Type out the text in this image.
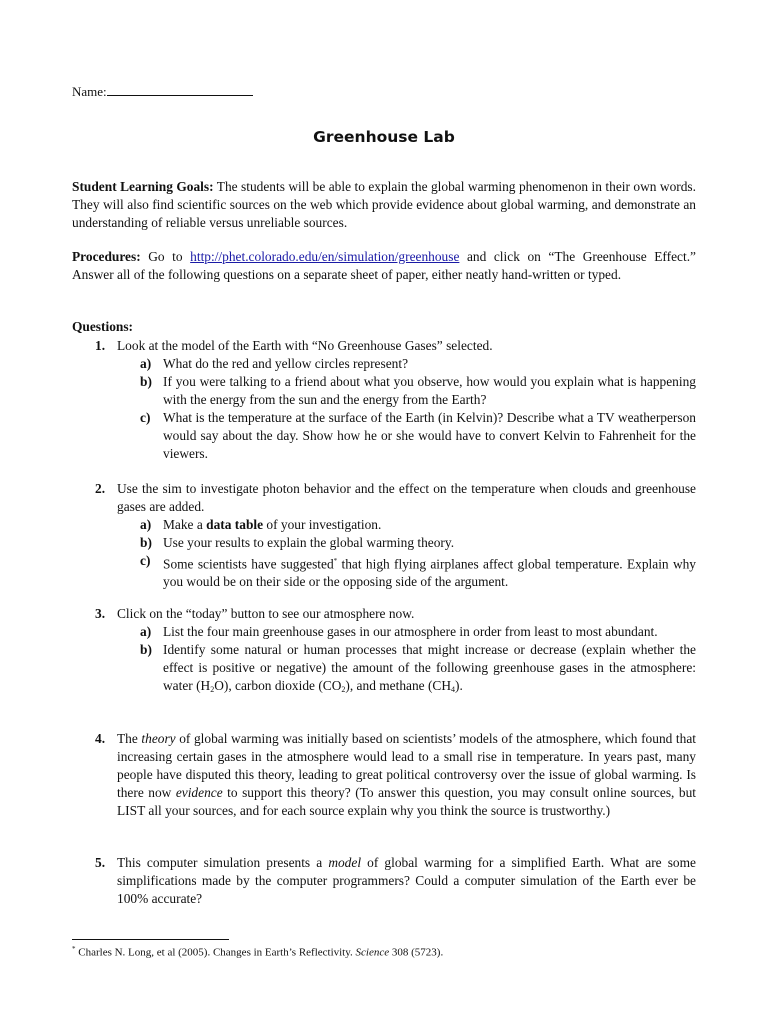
Name:
Greenhouse Lab
Student Learning Goals: The students will be able to explain the global warming phenomenon in their own words. They will also find scientific sources on the web which provide evidence about global warming, and demonstrate an understanding of reliable versus unreliable sources.
Procedures: Go to http://phet.colorado.edu/en/simulation/greenhouse and click on “The Greenhouse Effect.” Answer all of the following questions on a separate sheet of paper, either neatly hand-written or typed.
Questions:
1. Look at the model of the Earth with “No Greenhouse Gases” selected.
a) What do the red and yellow circles represent?
b) If you were talking to a friend about what you observe, how would you explain what is happening with the energy from the sun and the energy from the Earth?
c) What is the temperature at the surface of the Earth (in Kelvin)? Describe what a TV weatherperson would say about the day. Show how he or she would have to convert Kelvin to Fahrenheit for the viewers.
2. Use the sim to investigate photon behavior and the effect on the temperature when clouds and greenhouse gases are added.
a) Make a data table of your investigation.
b) Use your results to explain the global warming theory.
c) Some scientists have suggested* that high flying airplanes affect global temperature. Explain why you would be on their side or the opposing side of the argument.
3. Click on the “today” button to see our atmosphere now.
a) List the four main greenhouse gases in our atmosphere in order from least to most abundant.
b) Identify some natural or human processes that might increase or decrease (explain whether the effect is positive or negative) the amount of the following greenhouse gases in the atmosphere: water $(H_2O)$, carbon dioxide $(CO_2)$, and methane $(CH_4)$.
4. The theory of global warming was initially based on scientists’ models of the atmosphere, which found that increasing certain gases in the atmosphere would lead to a small rise in temperature. In years past, many people have disputed this theory, leading to great political controversy over the issue of global warming. Is there now evidence to support this theory? (To answer this question, you may consult online sources, but LIST all your sources, and for each source explain why you think the source is trustworthy.)
5. This computer simulation presents a model of global warming for a simplified Earth. What are some simplifications made by the computer programmers? Could a computer simulation of the Earth ever be 100% accurate?
* Charles N. Long, et al (2005). Changes in Earth’s Reflectivity. Science 308 (5723).
